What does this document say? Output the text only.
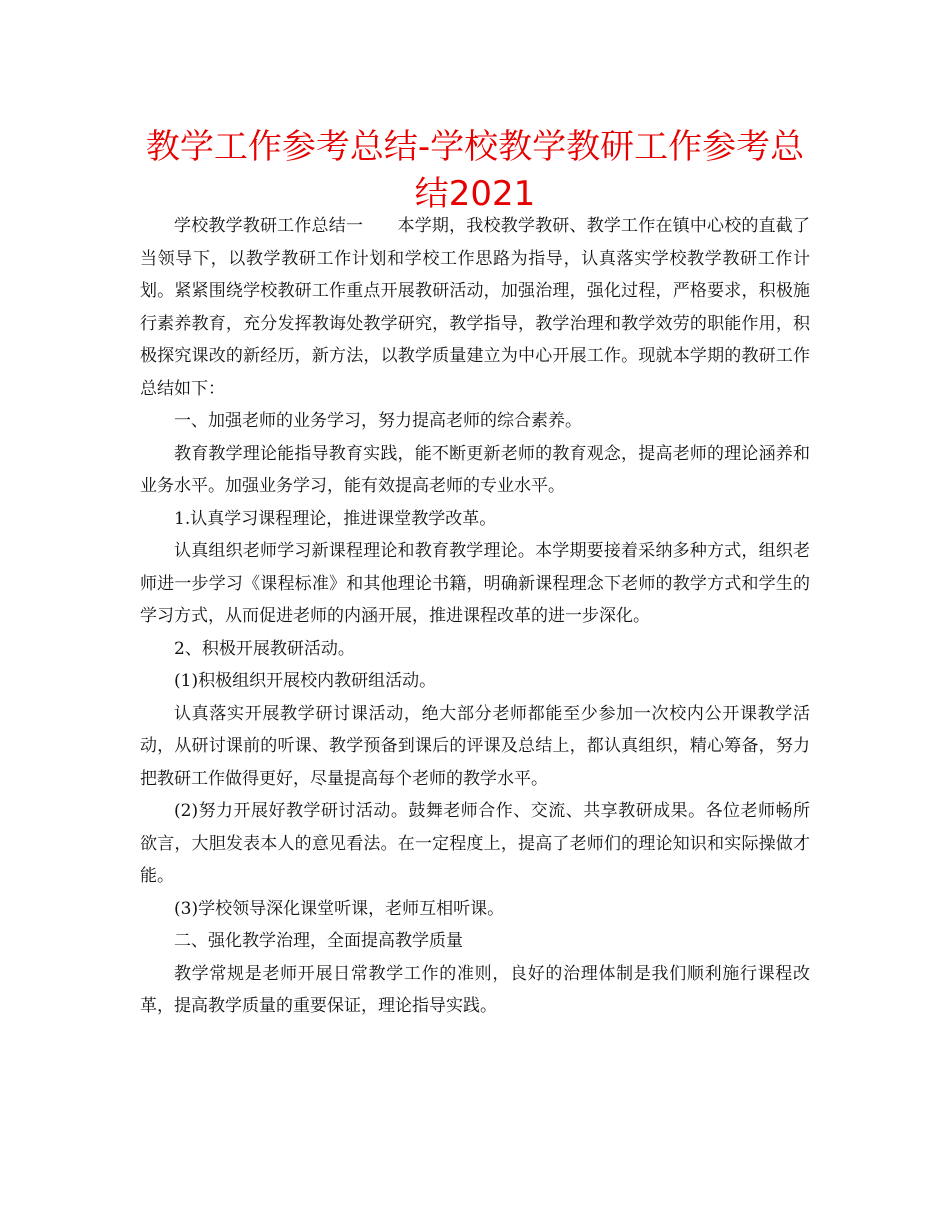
教学工作参考总结-学校教学教研工作参考总结2021

学校教学教研工作总结一　　本学期，我校教学教研、教学工作在镇中心校的直截了当领导下，以教学教研工作计划和学校工作思路为指导，认真落实学校教学教研工作计划。紧紧围绕学校教研工作重点开展教研活动，加强治理，强化过程，严格要求，积极施行素养教育，充分发挥教诲处教学研究，教学指导，教学治理和教学效劳的职能作用，积极探究课改的新经历，新方法，以教学质量建立为中心开展工作。现就本学期的教研工作总结如下：

一、加强老师的业务学习，努力提高老师的综合素养。

教育教学理论能指导教育实践，能不断更新老师的教育观念，提高老师的理论涵养和业务水平。加强业务学习，能有效提高老师的专业水平。

1.认真学习课程理论，推进课堂教学改革。

认真组织老师学习新课程理论和教育教学理论。本学期要接着采纳多种方式，组织老师进一步学习《课程标准》和其他理论书籍，明确新课程理念下老师的教学方式和学生的学习方式，从而促进老师的内涵开展，推进课程改革的进一步深化。

2、积极开展教研活动。

(1)积极组织开展校内教研组活动。

认真落实开展教学研讨课活动，绝大部分老师都能至少参加一次校内公开课教学活动，从研讨课前的听课、教学预备到课后的评课及总结上，都认真组织，精心筹备，努力把教研工作做得更好，尽量提高每个老师的教学水平。

(2)努力开展好教学研讨活动。鼓舞老师合作、交流、共享教研成果。各位老师畅所欲言，大胆发表本人的意见看法。在一定程度上，提高了老师们的理论知识和实际操做才能。

(3)学校领导深化课堂听课，老师互相听课。

二、强化教学治理，全面提高教学质量

教学常规是老师开展日常教学工作的准则，良好的治理体制是我们顺利施行课程改革，提高教学质量的重要保证，理论指导实践。
